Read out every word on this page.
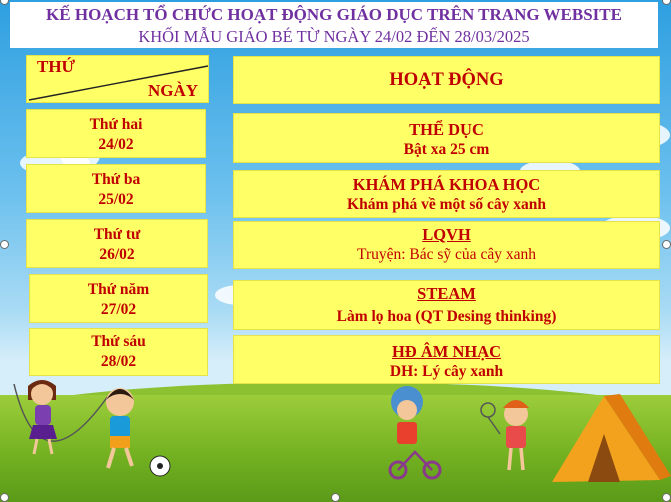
KẾ HOẠCH TỔ CHỨC HOẠT ĐỘNG GIÁO DỤC TRÊN TRANG WEBSITE
KHỐI MẪU GIÁO BÉ TỪ NGÀY 24/02 ĐẾN 28/03/2025
THỨ
NGÀY
HOẠT ĐỘNG
Thứ hai
24/02
Thứ ba
25/02
Thứ tư
26/02
Thứ năm
27/02
Thứ sáu
28/02
THỂ DỤC
Bật xa 25 cm
KHÁM PHÁ KHOA HỌC
Khám phá về một số cây xanh
LQVH
Truyện: Bác sỹ của cây xanh
STEAM
Làm lọ hoa (QT Desing thinking)
HĐ ÂM NHẠC
DH: Lý cây xanh
